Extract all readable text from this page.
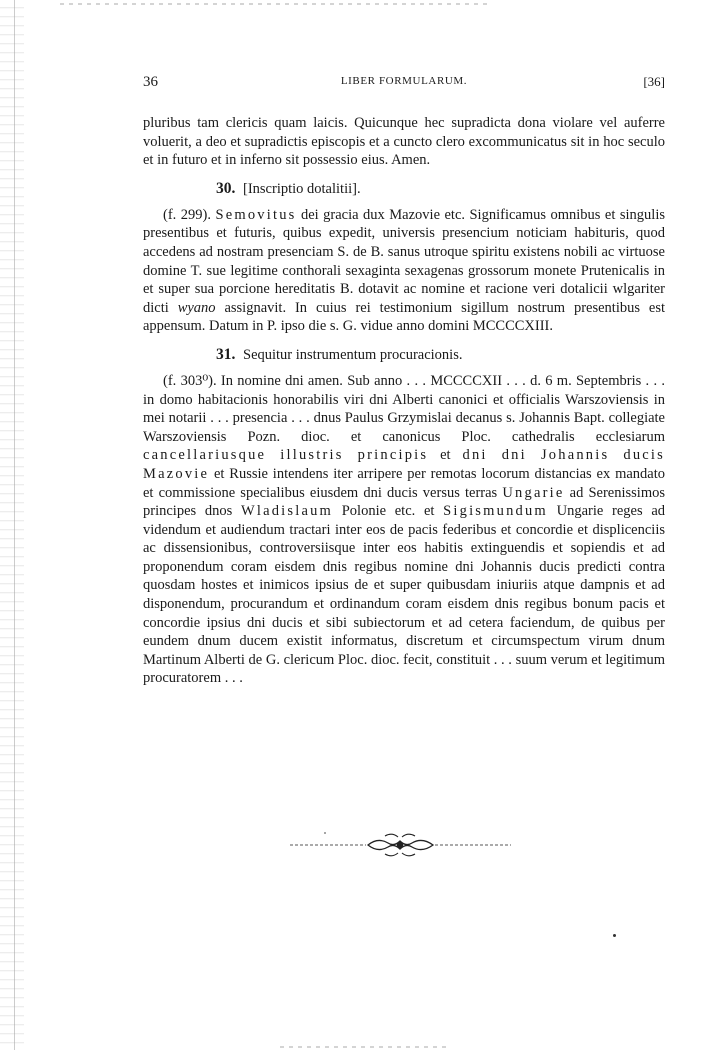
36	LIBER FORMULARUM.	[36]

pluribus tam clericis quam laicis. Quicunque hec supradicta dona violare vel auferre voluerit, a deo et supradictis episcopis et a cuncto clero excommunicatus sit in hoc seculo et in futuro et in inferno sit possessio eius. Amen.

30. [Inscriptio dotalitii].

(f. 299). Semovitus dei gracia dux Mazovie etc. Significamus omnibus et singulis presentibus et futuris, quibus expedit, universis presencium noticiam habituris, quod accedens ad nostram presenciam S. de B. sanus utroque spiritu existens nobili ac virtuose domine T. sue legitime conthorali sexaginta sexagenas grossorum monete Prutenicalis in et super sua porcione hereditatis B. dotavit ac nomine et racione veri dotalicii wlgariter dicti wyano assignavit. In cuius rei testimonium sigillum nostrum presentibus est appensum. Datum in P. ipso die s. G. vidue anno domini MCCCCXIII.

31. Sequitur instrumentum procuracionis.

(f. 303⁰). In nomine dni amen. Sub anno . . . MCCCCXII . . . d. 6 m. Septembris . . . in domo habitacionis honorabilis viri dni Alberti canonici et officialis Warszoviensis in mei notarii . . . presencia . . . dnus Paulus Grzymislai decanus s. Johannis Bapt. collegiate Warszoviensis Pozn. dioc. et canonicus Ploc. cathedralis ecclesiarum cancellariusque illustris principis et dni dni Johannis ducis Mazovie et Russie intendens iter arripere per remotas locorum distancias ex mandato et commissione specialibus eiusdem dni ducis versus terras Ungarie ad Serenissimos principes dnos Wladislaum Polonie etc. et Sigismundum Ungarie reges ad videndum et audiendum tractari inter eos de pacis federibus et concordie et displicenciis ac dissensionibus, controversiisque inter eos habitis extinguendis et sopiendis et ad proponendum coram eisdem dnis regibus nomine dni Johannis ducis predicti contra quosdam hostes et inimicos ipsius de et super quibusdam iniuriis atque dampnis et ad disponendum, procurandum et ordinandum coram eisdem dnis regibus bonum pacis et concordie ipsius dni ducis et sibi subiectorum et ad cetera faciendum, de quibus per eundem dnum ducem existit informatus, discretum et circumspectum virum dnum Martinum Alberti de G. clericum Ploc. dioc. fecit, constituit . . . suum verum et legitimum procuratorem . . .
